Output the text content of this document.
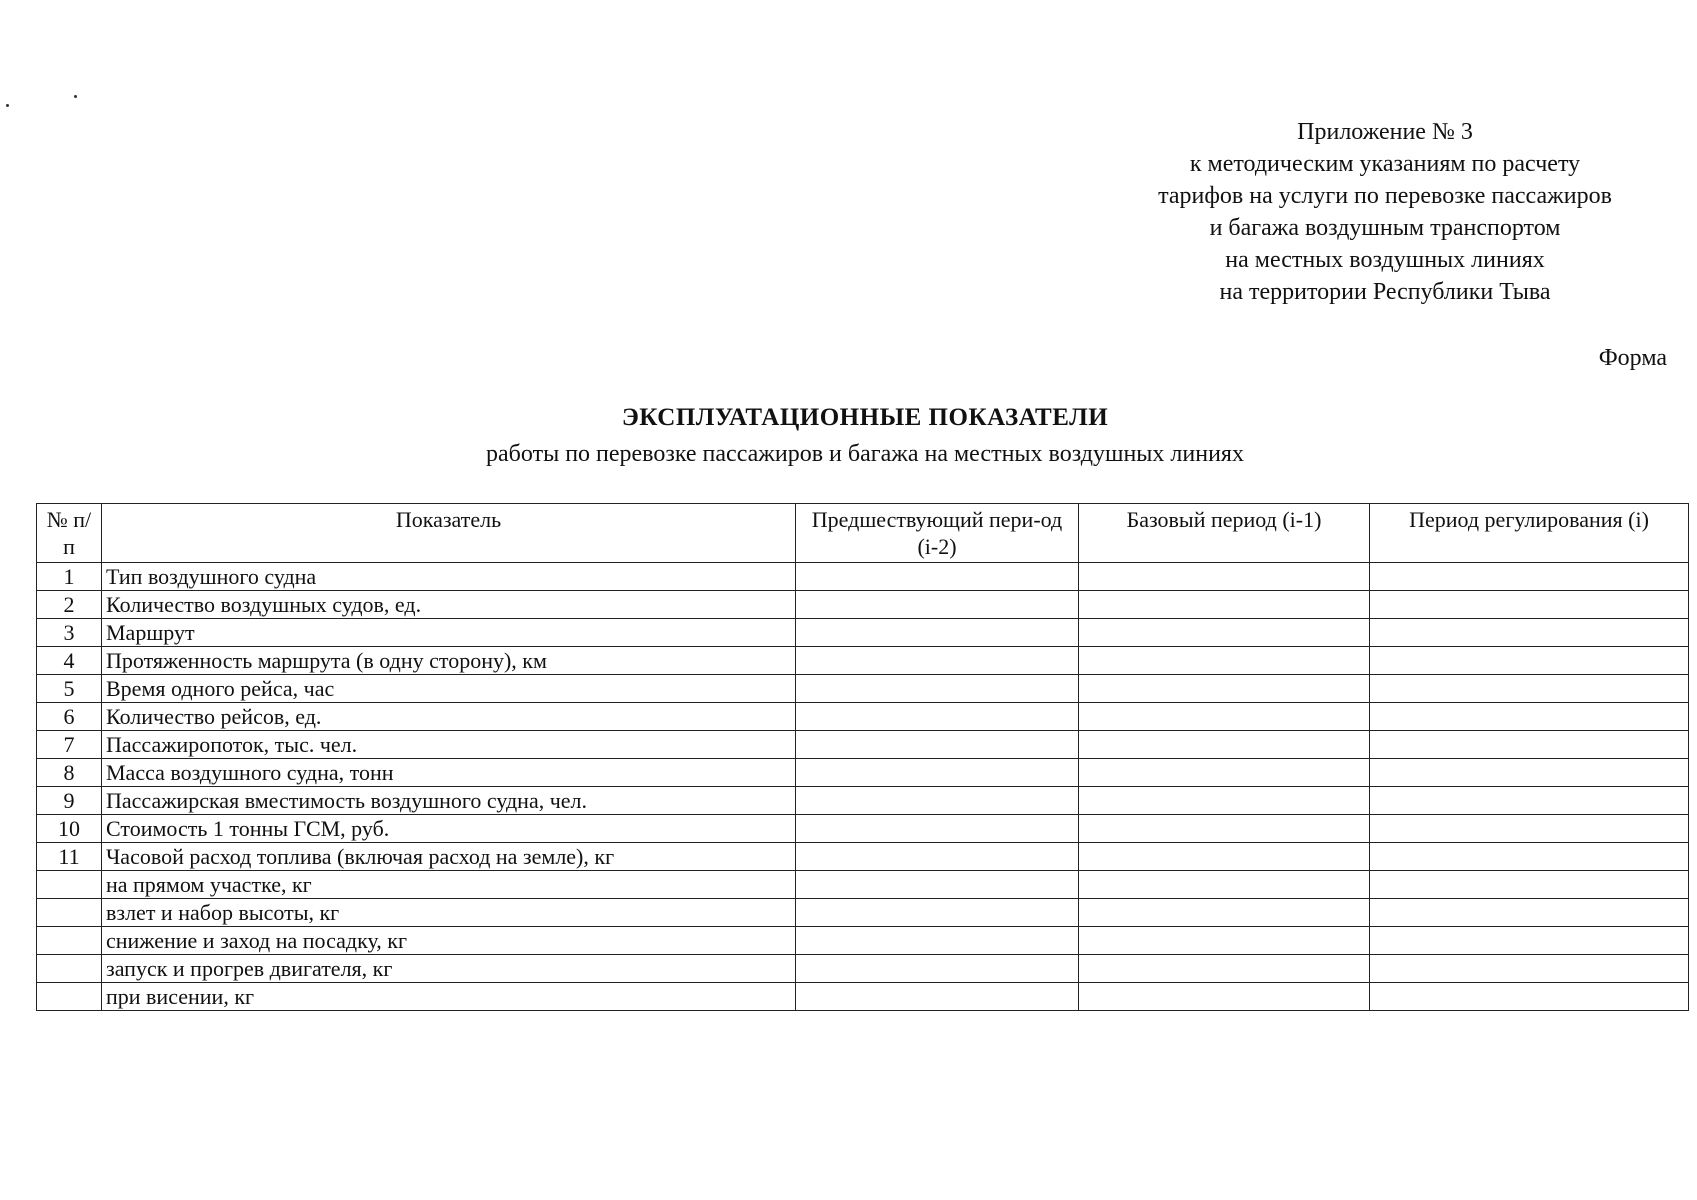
Приложение № 3
к методическим указаниям по расчету
тарифов на услуги по перевозке пассажиров
и багажа воздушным транспортом
на местных воздушных линиях
на территории Республики Тыва
Форма
ЭКСПЛУАТАЦИОННЫЕ ПОКАЗАТЕЛИ
работы по перевозке пассажиров и багажа на местных воздушных линиях
№ п/п	Показатель	Предшествующий пери-од (i-2)	Базовый период (i-1)	Период регулирования (i)
1	Тип воздушного судна			
2	Количество воздушных судов, ед.			
3	Маршрут			
4	Протяженность маршрута (в одну сторону), км			
5	Время одного рейса, час			
6	Количество рейсов, ед.			
7	Пассажиропоток, тыс. чел.			
8	Масса воздушного судна, тонн			
9	Пассажирская вместимость воздушного судна, чел.			
10	Стоимость 1 тонны ГСМ, руб.			
11	Часовой расход топлива (включая расход на земле), кг			
	на прямом участке, кг			
	взлет и набор высоты, кг			
	снижение и заход на посадку, кг			
	запуск и прогрев двигателя, кг			
	при висении, кг			
